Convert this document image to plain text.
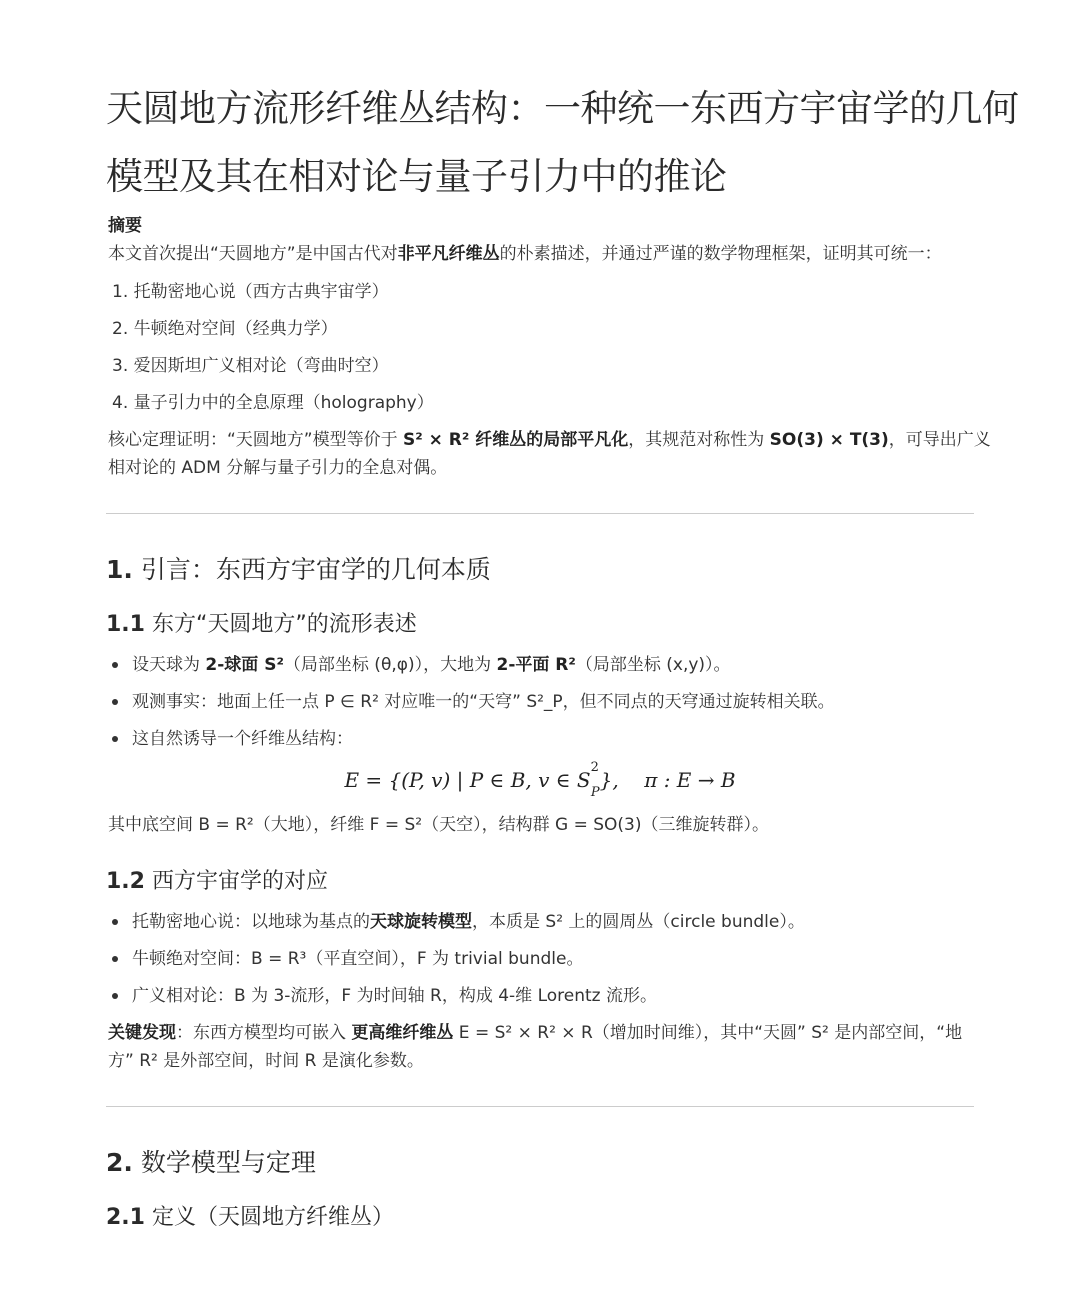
天圆地方流形纤维丛结构：一种统一东西方宇宙学的几何
模型及其在相对论与量子引力中的推论

摘要

本文首次提出“天圆地方”是中国古代对非平凡纤维丛的朴素描述，并通过严谨的数学物理框架，证明其可统一：

1. 托勒密地心说（西方古典宇宙学）

2. 牛顿绝对空间（经典力学）

3. 爱因斯坦广义相对论（弯曲时空）

4. 量子引力中的全息原理（holography）

核心定理证明：“天圆地方”模型等价于 S² × R² 纤维丛的局部平凡化，其规范对称性为 SO(3) × T(3)，可导出广义

相对论的 ADM 分解与量子引力的全息对偶。

1. 引言：东西方宇宙学的几何本质
1.1 东方“天圆地方”的流形表述

设天球为 2-球面 S²（局部坐标 (θ,φ)），大地为 2-平面 R²（局部坐标 (x,y)）。

观测事实：地面上任一点 P ∈ R² 对应唯一的“天穹” S²_P，但不同点的天穹通过旋转相关联。

这自然诱导一个纤维丛结构：

E = {(P, v) | P ∈ B, v ∈ $S^2_P$}, π : E → B

其中底空间 B = R²（大地），纤维 F = S²（天空），结构群 G = SO(3)（三维旋转群）。

1.2 西方宇宙学的对应

托勒密地心说：以地球为基点的天球旋转模型，本质是 S² 上的圆周丛（circle bundle）。

牛顿绝对空间：B = R³（平直空间），F 为 trivial bundle。

广义相对论：B 为 3-流形，F 为时间轴 R，构成 4-维 Lorentz 流形。

关键发现：东西方模型均可嵌入 更高维纤维丛 E = S² × R² × R（增加时间维），其中“天圆” S² 是内部空间，“地

方” R² 是外部空间，时间 R 是演化参数。

2. 数学模型与定理
2.1 定义（天圆地方纤维丛）
